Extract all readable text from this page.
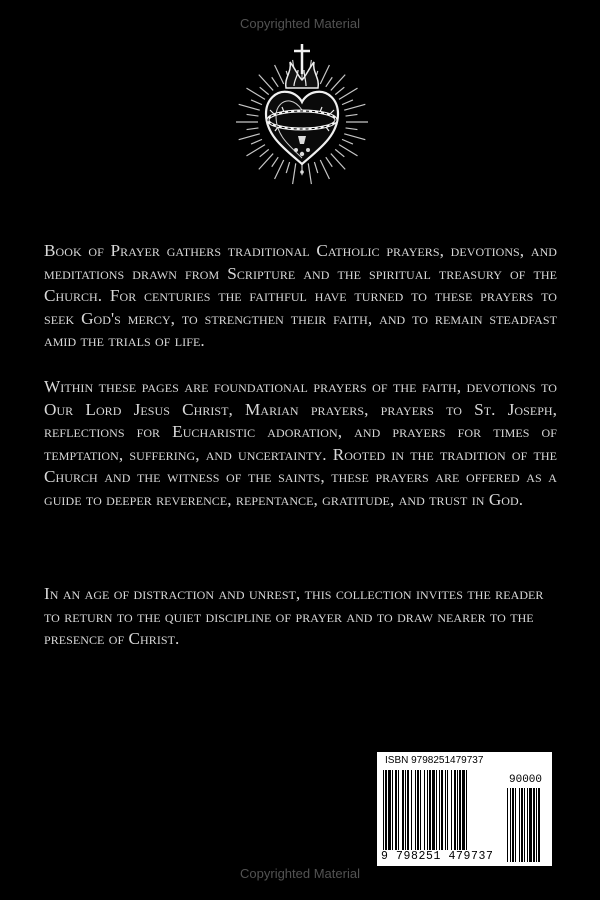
Copyrighted Material

Book of Prayer gathers traditional Catholic prayers, devotions, and meditations drawn from Scripture and the spiritual treasury of the Church. For centuries the faithful have turned to these prayers to seek God's mercy, to strengthen their faith, and to remain steadfast amid the trials of life.

Within these pages are foundational prayers of the faith, devotions to Our Lord Jesus Christ, Marian prayers, prayers to St. Joseph, reflections for Eucharistic adoration, and prayers for times of temptation, suffering, and uncertainty. Rooted in the tradition of the Church and the witness of the saints, these prayers are offered as a guide to deeper reverence, repentance, gratitude, and trust in God.

In an age of distraction and unrest, this collection invites the reader to return to the quiet discipline of prayer and to draw nearer to the presence of Christ.

ISBN 9798251479737
90000
9 798251 479737
Copyrighted Material
